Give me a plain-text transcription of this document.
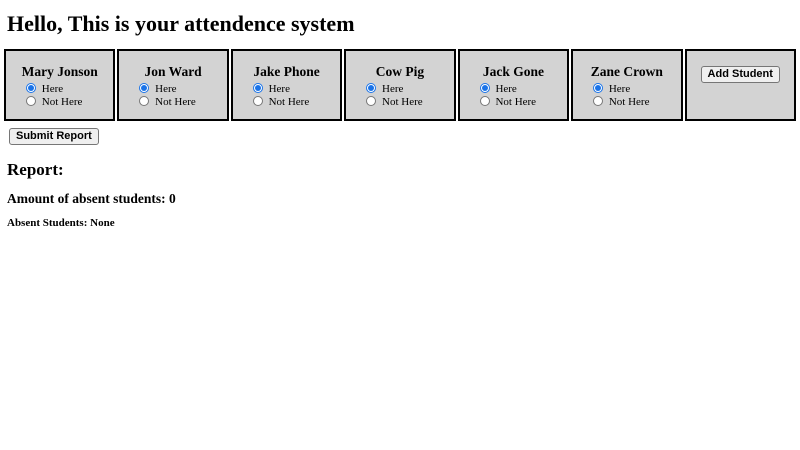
Hello, This is your attendence system
Mary Jonson
Here
Not Here
Jon Ward
Here
Not Here
Jake Phone
Here
Not Here
Cow Pig
Here
Not Here
Jack Gone
Here
Not Here
Zane Crown
Here
Not Here
Add Student
Submit Report
Report:
Amount of absent students: 0
Absent Students: None
